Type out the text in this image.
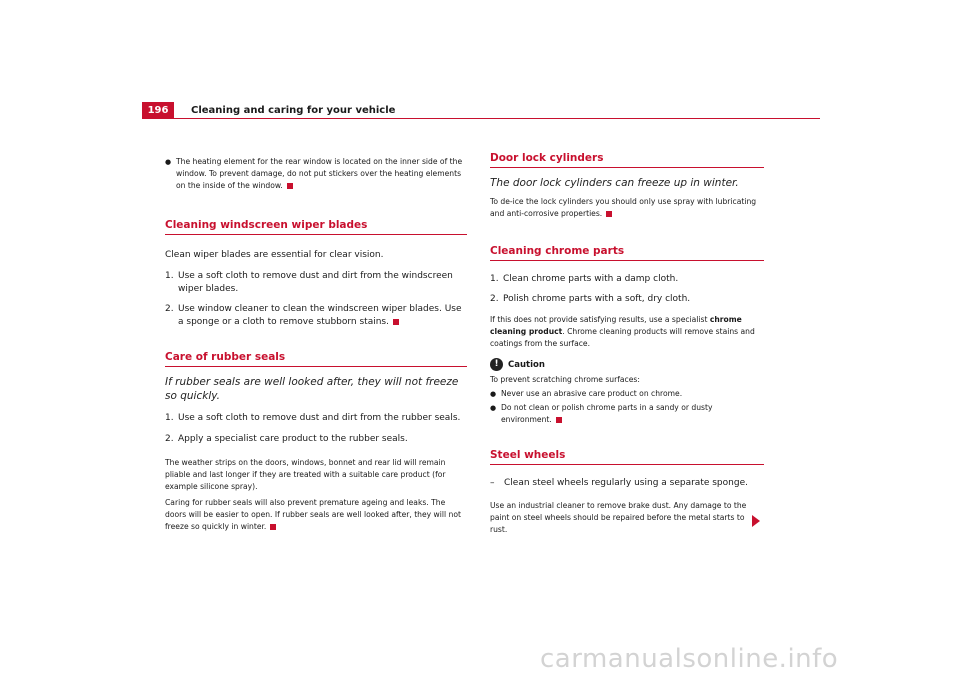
196	Cleaning and caring for your vehicle

● The heating element for the rear window is located on the inner side of the window. To prevent damage, do not put stickers over the heating elements on the inside of the window.

Cleaning windscreen wiper blades

Clean wiper blades are essential for clear vision.

1. Use a soft cloth to remove dust and dirt from the windscreen wiper blades.
2. Use window cleaner to clean the windscreen wiper blades. Use a sponge or a cloth to remove stubborn stains.
Care of rubber seals

If rubber seals are well looked after, they will not freeze so quickly.

1. Use a soft cloth to remove dust and dirt from the rubber seals.
2. Apply a specialist care product to the rubber seals.

The weather strips on the doors, windows, bonnet and rear lid will remain pliable and last longer if they are treated with a suitable care product (for example silicone spray).

Caring for rubber seals will also prevent premature ageing and leaks. The doors will be easier to open. If rubber seals are well looked after, they will not freeze so quickly in winter.

Door lock cylinders

The door lock cylinders can freeze up in winter.

To de-ice the lock cylinders you should only use spray with lubricating and anti-corrosive properties.

Cleaning chrome parts
1. Clean chrome parts with a damp cloth.
2. Polish chrome parts with a soft, dry cloth.

If this does not provide satisfying results, use a specialist chrome cleaning product. Chrome cleaning products will remove stains and coatings from the surface.

!	Caution

To prevent scratching chrome surfaces:

● Never use an abrasive care product on chrome.

● Do not clean or polish chrome parts in a sandy or dusty environment.

Steel wheels
–	Clean steel wheels regularly using a separate sponge.

Use an industrial cleaner to remove brake dust. Any damage to the paint on steel wheels should be repaired before the metal starts to rust.

carmanualsonline.info
